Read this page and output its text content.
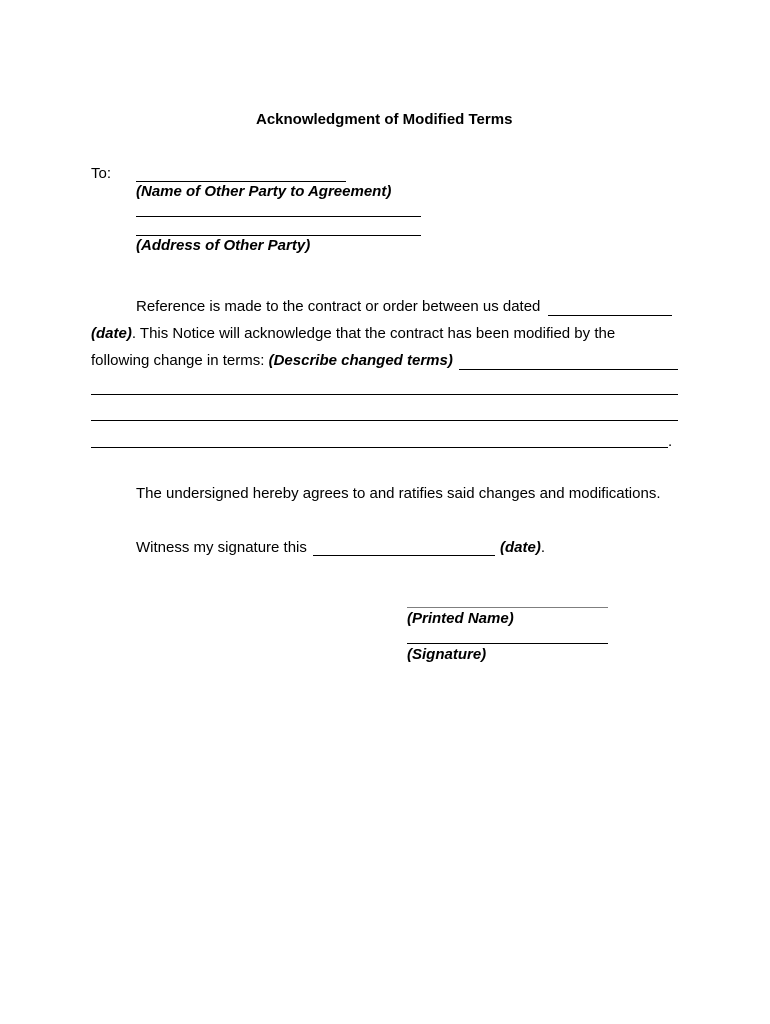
Acknowledgment of Modified Terms
To:
(Name of Other Party to Agreement)
(Address of Other Party)
Reference is made to the contract or order between us dated
(date). This Notice will acknowledge that the contract has been modified by the
following change in terms: (Describe changed terms)
.
The undersigned hereby agrees to and ratifies said changes and modifications.
Witness my signature this	(date).
(Printed Name)
(Signature)
